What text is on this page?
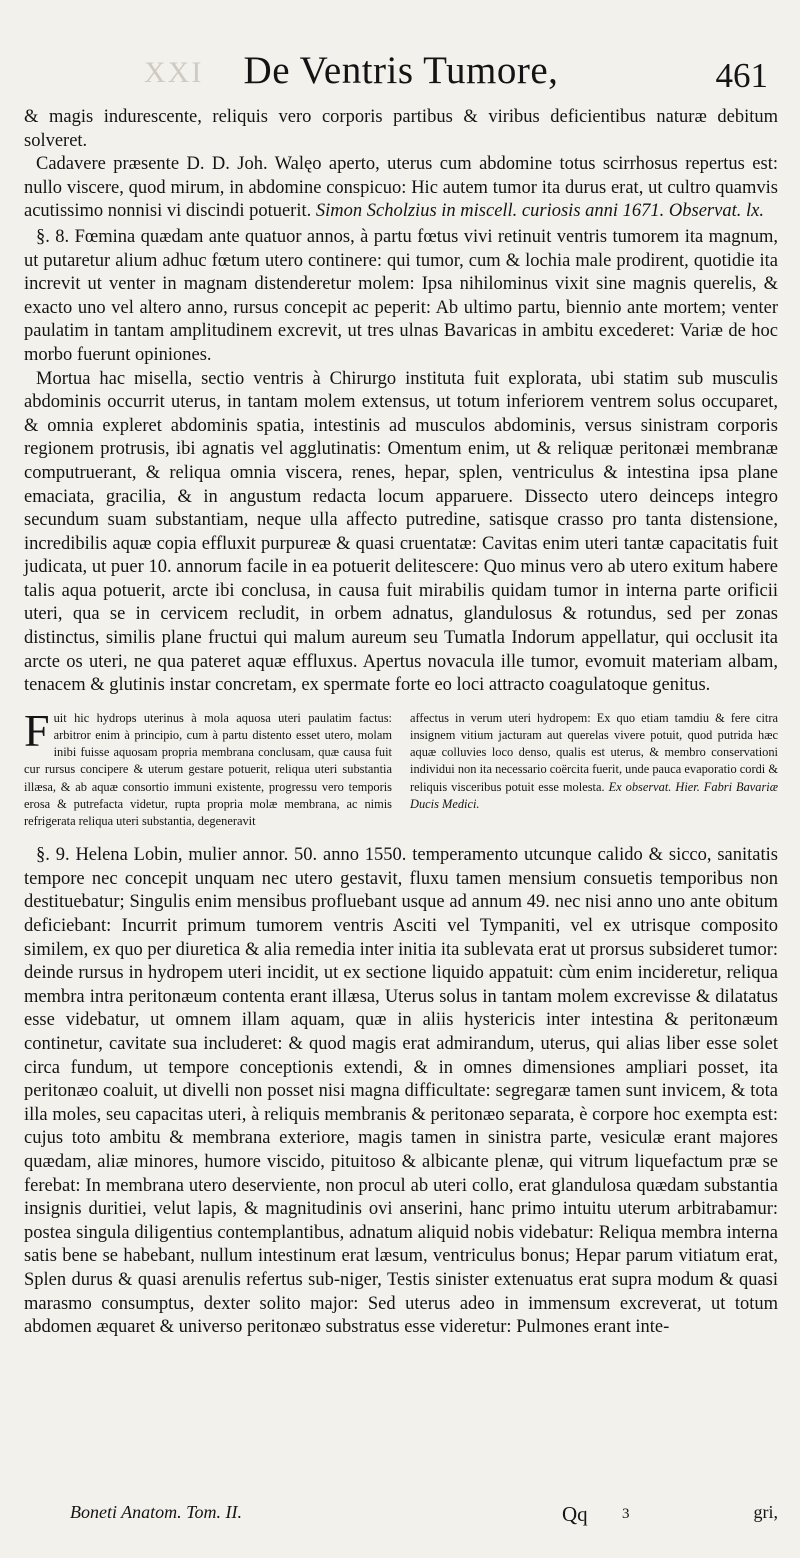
XXI	De Ventris Tumore,	461

& magis indurescente, reliquis vero corporis partibus & viribus deficientibus naturæ debitum solveret.

Cadavere præsente D. D. Joh. Walęo aperto, uterus cum abdomine totus scirrhosus repertus est: nullo viscere, quod mirum, in abdomine conspicuo: Hic autem tumor ita durus erat, ut cultro quamvis acutissimo nonnisi vi discindi potuerit. Simon Scholzius in miscell. curiosis anni 1671. Observat. lx.

§. 8. Fœmina quædam ante quatuor annos, à partu fœtus vivi retinuit ventris tumorem ita magnum, ut putaretur alium adhuc fœtum utero continere: qui tumor, cum & lochia male prodirent, quotidie ita increvit ut venter in magnam distenderetur molem: Ipsa nihilominus vixit sine magnis querelis, & exacto uno vel altero anno, rursus concepit ac peperit: Ab ultimo partu, biennio ante mortem; venter paulatim in tantam amplitudinem excrevit, ut tres ulnas Bavaricas in ambitu excederet: Variæ de hoc morbo fuerunt opiniones.

Mortua hac misella, sectio ventris à Chirurgo instituta fuit explorata, ubi statim sub musculis abdominis occurrit uterus, in tantam molem extensus, ut totum inferiorem ventrem solus occuparet, & omnia expleret abdominis spatia, intestinis ad musculos abdominis, versus sinistram corporis regionem protrusis, ibi agnatis vel agglutinatis: Omentum enim, ut & reliquæ peritonæi membranæ computruerant, & reliqua omnia viscera, renes, hepar, splen, ventriculus & intestina ipsa plane emaciata, gracilia, & in angustum redacta locum apparuere. Dissecto utero deinceps integro secundum suam substantiam, neque ulla affecto putredine, satisque crasso pro tanta distensione, incredibilis aquæ copia effluxit purpureæ & quasi cruentatæ: Cavitas enim uteri tantæ capacitatis fuit judicata, ut puer 10. annorum facile in ea potuerit delitescere: Quo minus vero ab utero exitum habere talis aqua potuerit, arcte ibi conclusa, in causa fuit mirabilis quidam tumor in interna parte orificii uteri, qua se in cervicem recludit, in orbem adnatus, glandulosus & rotundus, sed per zonas distinctus, similis plane fructui qui malum aureum seu Tumatla Indorum appellatur, qui occlusit ita arcte os uteri, ne qua pateret aquæ effluxus. Apertus novacula ille tumor, evomuit materiam albam, tenacem & glutinis instar concretam, ex spermate forte eo loci attracto coagulatoque genitus.

Fuit hic hydrops uterinus à mola aquosa uteri paulatim factus: arbitror enim à principio, cum à partu distento esset utero, molam inibi fuisse aquosam propria membrana conclusam, quæ causa fuit cur rursus concipere & uterum gestare potuerit, reliqua uteri substantia illæsa, & ab aquæ consortio immuni existente, progressu vero temporis erosa & putrefacta videtur, rupta propria molæ membrana, ac nimis refrigerata reliqua uteri substantia, degeneravit

affectus in verum uteri hydropem: Ex quo etiam tamdiu & fere citra insignem vitium jacturam aut querelas vivere potuit, quod putrida hæc aquæ colluvies loco denso, qualis est uterus, & membro conservationi individui non ita necessario coërcita fuerit, unde pauca evaporatio cordi & reliquis visceribus potuit esse molesta. Ex observat. Hier. Fabri Bavariæ Ducis Medici.

§. 9. Helena Lobin, mulier annor. 50. anno 1550. temperamento utcunque calido & sicco, sanitatis tempore nec concepit unquam nec utero gestavit, fluxu tamen mensium consuetis temporibus non destituebatur; Singulis enim mensibus profluebant usque ad annum 49. nec nisi anno uno ante obitum deficiebant: Incurrit primum tumorem ventris Asciti vel Tympaniti, vel ex utrisque composito similem, ex quo per diuretica & alia remedia inter initia ita sublevata erat ut prorsus subsideret tumor: deinde rursus in hydropem uteri incidit, ut ex sectione liquido appatuit: cùm enim incideretur, reliqua membra intra peritonæum contenta erant illæsa, Uterus solus in tantam molem excrevisse & dilatatus esse videbatur, ut omnem illam aquam, quæ in aliis hystericis inter intestina & peritonæum continetur, cavitate sua includeret: & quod magis erat admirandum, uterus, qui alias liber esse solet circa fundum, ut tempore conceptionis extendi, & in omnes dimensiones ampliari posset, ita peritonæo coaluit, ut divelli non posset nisi magna difficultate: segregaræ tamen sunt invicem, & tota illa moles, seu capacitas uteri, à reliquis membranis & peritonæo separata, è corpore hoc exempta est: cujus toto ambitu & membrana exteriore, magis tamen in sinistra parte, vesiculæ erant majores quædam, aliæ minores, humore viscido, pituitoso & albicante plenæ, qui vitrum liquefactum præ se ferebat: In membrana utero deserviente, non procul ab uteri collo, erat glandulosa quædam substantia insignis duritiei, velut lapis, & magnitudinis ovi anserini, hanc primo intuitu uterum arbitrabamur: postea singula diligentius contemplantibus, adnatum aliquid nobis videbatur: Reliqua membra interna satis bene se habebant, nullum intestinum erat læsum, ventriculus bonus; Hepar parum vitiatum erat, Splen durus & quasi arenulis refertus sub-niger, Testis sinister extenuatus erat supra modum & quasi marasmo consumptus, dexter solito major: Sed uterus adeo in immensum excreverat, ut totum abdomen æquaret & universo peritonæo substratus esse videretur: Pulmones erant inte-

Boneti Anatom. Tom. II.	Qq 3	gri,
